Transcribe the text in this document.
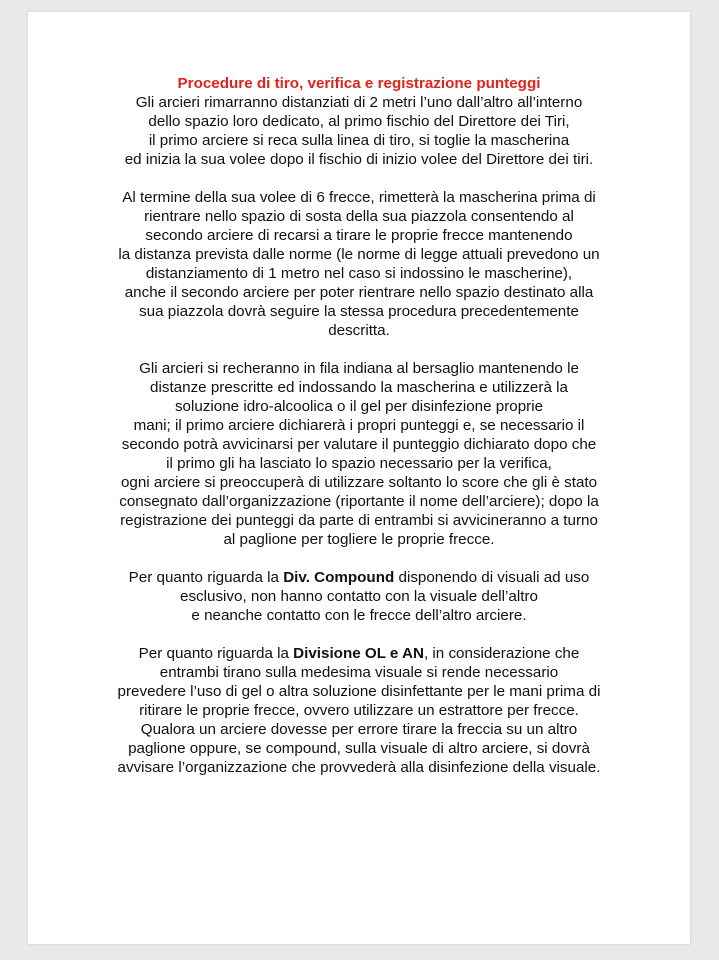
Procedure di tiro, verifica e registrazione punteggi

Gli arcieri rimarranno distanziati di 2 metri l’uno dall’altro all’interno
dello spazio loro dedicato, al primo fischio del Direttore dei Tiri,
il primo arciere si reca sulla linea di tiro, si toglie la mascherina
ed inizia la sua volee dopo il fischio di inizio volee del Direttore dei tiri.
Al termine della sua volee di 6 frecce, rimetterà la mascherina prima di
rientrare nello spazio di sosta della sua piazzola consentendo al
secondo arciere di recarsi a tirare le proprie frecce mantenendo
la distanza prevista dalle norme (le norme di legge attuali prevedono un
distanziamento di 1 metro nel caso si indossino le mascherine),
anche il secondo arciere per poter rientrare nello spazio destinato alla
sua piazzola dovrà seguire la stessa procedura precedentemente
descritta.
Gli arcieri si recheranno in fila indiana al bersaglio mantenendo le
distanze prescritte ed indossando la mascherina e utilizzerà la
soluzione idro-alcoolica o il gel per disinfezione proprie
mani; il primo arciere dichiarerà i propri punteggi e, se necessario il
secondo potrà avvicinarsi per valutare il punteggio dichiarato dopo che
il primo gli ha lasciato lo spazio necessario per la verifica,
ogni arciere si preoccuperà di utilizzare soltanto lo score che gli è stato
consegnato dall’organizzazione (riportante il nome dell’arciere); dopo la
registrazione dei punteggi da parte di entrambi si avvicineranno a turno
al paglione per togliere le proprie frecce.
Per quanto riguarda la Div. Compound disponendo di visuali ad uso
esclusivo, non hanno contatto con la visuale dell’altro
e neanche contatto con le frecce dell’altro arciere.
Per quanto riguarda la Divisione OL e AN, in considerazione che
entrambi tirano sulla medesima visuale si rende necessario
prevedere l’uso di gel o altra soluzione disinfettante per le mani prima di
ritirare le proprie frecce, ovvero utilizzare un estrattore per frecce.
Qualora un arciere dovesse per errore tirare la freccia su un altro
paglione oppure, se compound, sulla visuale di altro arciere, si dovrà
avvisare l’organizzazione che provvederà alla disinfezione della visuale.
